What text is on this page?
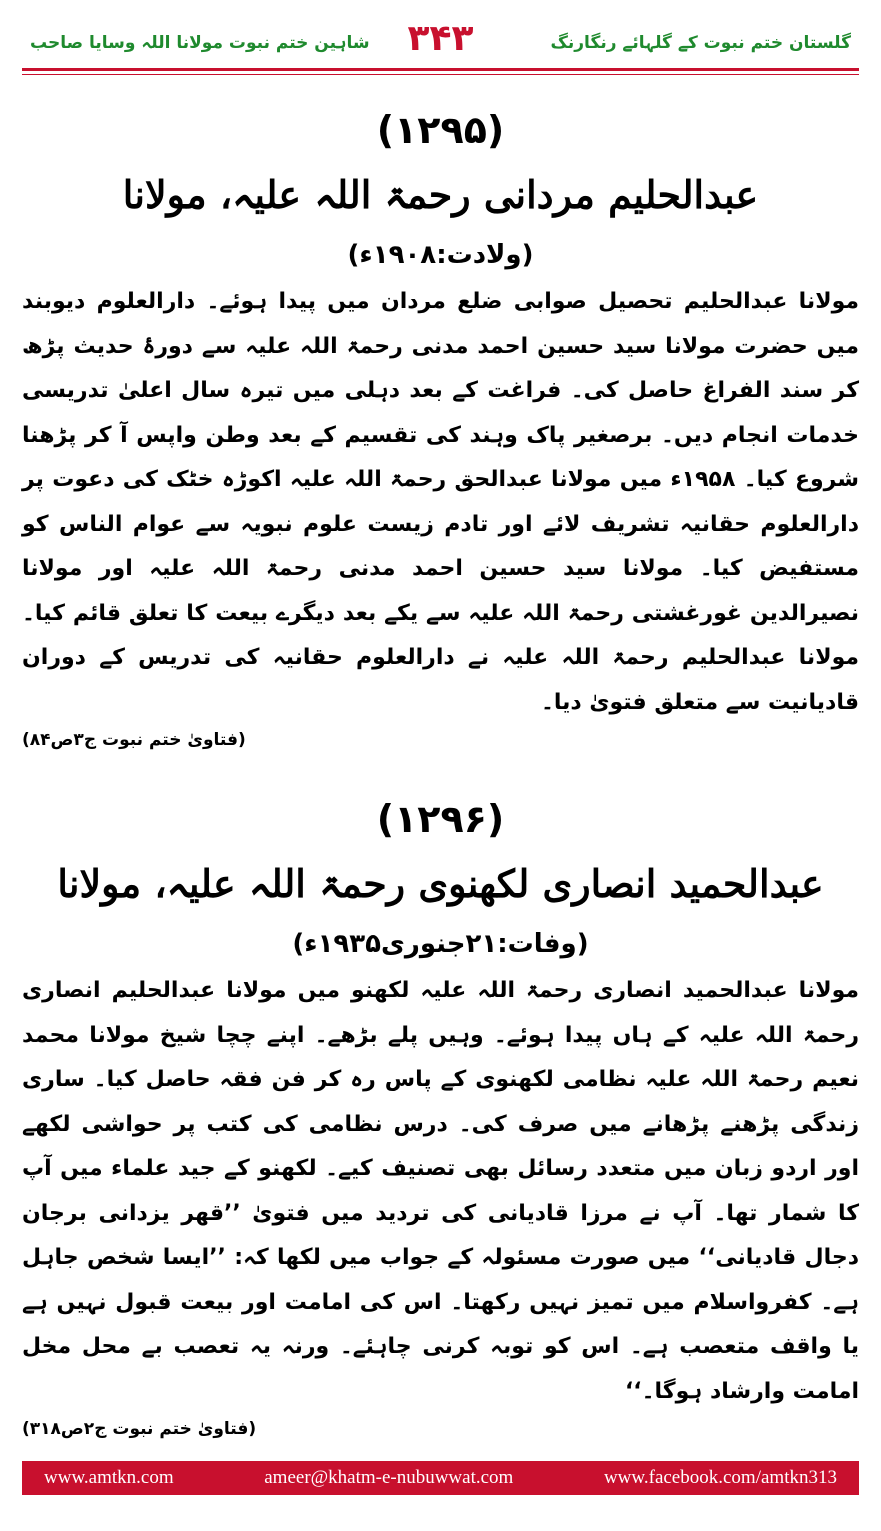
شاہین ختم نبوت مولانا اللہ وسایا صاحب	۳۴۳	گلستان ختم نبوت کے گلہائے رنگارنگ
(۱۲۹۵)
عبدالحلیم مردانی رحمۃ اللہ علیہ، مولانا
(ولادت:۱۹۰۸ء)

مولانا عبدالحلیم تحصیل صوابی ضلع مردان میں پیدا ہوئے۔ دارالعلوم دیوبند میں حضرت مولانا سید حسین احمد مدنی رحمۃ اللہ علیہ سے دورۂ حدیث پڑھ کر سند الفراغ حاصل کی۔ فراغت کے بعد دہلی میں تیرہ سال اعلیٰ تدریسی خدمات انجام دیں۔ برصغیر پاک وہند کی تقسیم کے بعد وطن واپس آ کر پڑھنا شروع کیا۔ ۱۹۵۸ء میں مولانا عبدالحق رحمۃ اللہ علیہ اکوڑہ خٹک کی دعوت پر دارالعلوم حقانیہ تشریف لائے اور تادم زیست علوم نبویہ سے عوام الناس کو مستفیض کیا۔ مولانا سید حسین احمد مدنی رحمۃ اللہ علیہ اور مولانا نصیرالدین غورغشتی رحمۃ اللہ علیہ سے یکے بعد دیگرے بیعت کا تعلق قائم کیا۔ مولانا عبدالحلیم رحمۃ اللہ علیہ نے دارالعلوم حقانیہ کی تدریس کے دوران قادیانیت سے متعلق فتویٰ دیا۔

(فتاویٰ ختم نبوت ج۳ص۸۴)
(۱۲۹۶)
عبدالحمید انصاری لکھنوی رحمۃ اللہ علیہ، مولانا
(وفات:۲۱جنوری۱۹۳۵ء)

مولانا عبدالحمید انصاری رحمۃ اللہ علیہ لکھنو میں مولانا عبدالحلیم انصاری رحمۃ اللہ علیہ کے ہاں پیدا ہوئے۔ وہیں پلے بڑھے۔ اپنے چچا شیخ مولانا محمد نعیم رحمۃ اللہ علیہ نظامی لکھنوی کے پاس رہ کر فن فقہ حاصل کیا۔ ساری زندگی پڑھنے پڑھانے میں صرف کی۔ درس نظامی کی کتب پر حواشی لکھے اور اردو زبان میں متعدد رسائل بھی تصنیف کیے۔ لکھنو کے جید علماء میں آپ کا شمار تھا۔ آپ نے مرزا قادیانی کی تردید میں فتویٰ ’’قھر یزدانی برجان دجال قادیانی‘‘ میں صورت مسئولہ کے جواب میں لکھا کہ: ’’ایسا شخص جاہل ہے۔ کفرواسلام میں تمیز نہیں رکھتا۔ اس کی امامت اور بیعت قبول نہیں ہے یا واقف متعصب ہے۔ اس کو توبہ کرنی چاہئے۔ ورنہ یہ تعصب بے محل مخل امامت وارشاد ہوگا۔‘‘

(فتاویٰ ختم نبوت ج۲ص۳۱۸)
www.amtkn.com	ameer@khatm-e-nubuwwat.com	www.facebook.com/amtkn313
